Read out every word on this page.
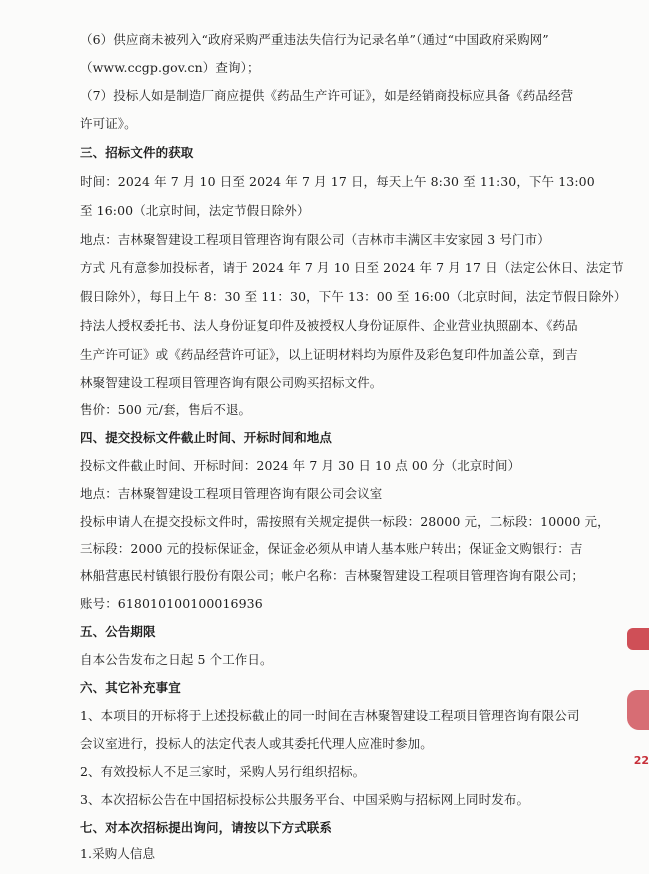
（6）供应商未被列入“政府采购严重违法失信行为记录名单”（通过“中国政府采购网”
（www.ccgp.gov.cn）查询）；
（7）投标人如是制造厂商应提供《药品生产许可证》，如是经销商投标应具备《药品经营
许可证》。
三、招标文件的获取
时间：2024 年 7 月 10 日至 2024 年 7 月 17 日，每天上午 8:30 至 11:30，下午 13:00
至 16:00（北京时间，法定节假日除外）
地点：吉林聚智建设工程项目管理咨询有限公司（吉林市丰满区丰安家园 3 号门市）
方式 凡有意参加投标者，请于 2024 年 7 月 10 日至 2024 年 7 月 17 日（法定公休日、法定节
假日除外），每日上午 8：30 至 11：30，下午 13：00 至 16:00（北京时间，法定节假日除外）
持法人授权委托书、法人身份证复印件及被授权人身份证原件、企业营业执照副本、《药品
生产许可证》或《药品经营许可证》，以上证明材料均为原件及彩色复印件加盖公章，到吉
林聚智建设工程项目管理咨询有限公司购买招标文件。
售价：500 元/套，售后不退。
四、提交投标文件截止时间、开标时间和地点
投标文件截止时间、开标时间：2024 年 7 月 30 日 10 点 00 分（北京时间）
地点：吉林聚智建设工程项目管理咨询有限公司会议室
投标申请人在提交投标文件时，需按照有关规定提供一标段：28000 元，二标段：10000 元，
三标段：2000 元的投标保证金，保证金必须从申请人基本账户转出；保证金文购银行：吉
林船营惠民村镇银行股份有限公司；帐户名称：吉林聚智建设工程项目管理咨询有限公司；
账号：618010100100016936
五、公告期限
自本公告发布之日起 5 个工作日。
六、其它补充事宜
1、本项目的开标将于上述投标截止的同一时间在吉林聚智建设工程项目管理咨询有限公司
会议室进行，投标人的法定代表人或其委托代理人应准时参加。
2、有效投标人不足三家时，采购人另行组织招标。
3、本次招标公告在中国招标投标公共服务平台、中国采购与招标网上同时发布。
七、对本次招标提出询问，请按以下方式联系
1.采购人信息
22
